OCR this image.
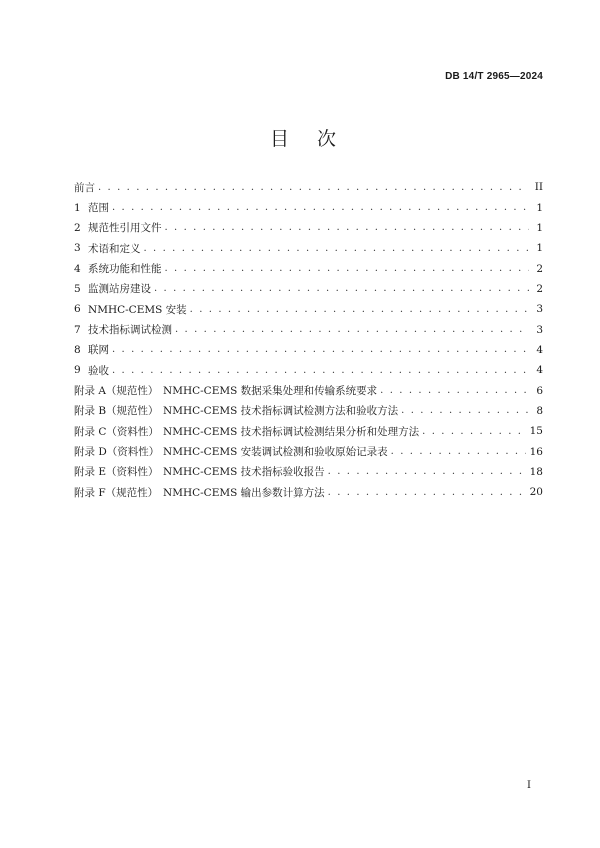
DB 14/T 2965—2024
目 次
前言 . . .	II
1 范围 . . .	1
2 规范性引用文件 . . .	1
3 术语和定义 . . .	1
4 系统功能和性能 . . .	2
5 监测站房建设 . . .	2
6 NMHC-CEMS 安装 . . .	3
7 技术指标调试检测 . . .	3
8 联网 . . .	4
9 验收 . . .	4
附录 A（规范性） NMHC-CEMS 数据采集处理和传输系统要求 . . .	6
附录 B（规范性） NMHC-CEMS 技术指标调试检测方法和验收方法 . . .	8
附录 C（资料性） NMHC-CEMS 技术指标调试检测结果分析和处理方法 . . .	15
附录 D（资料性） NMHC-CEMS 安装调试检测和验收原始记录表 . . .	16
附录 E（资料性） NMHC-CEMS 技术指标验收报告 . . .	18
附录 F（规范性） NMHC-CEMS 输出参数计算方法 . . .	20
I
